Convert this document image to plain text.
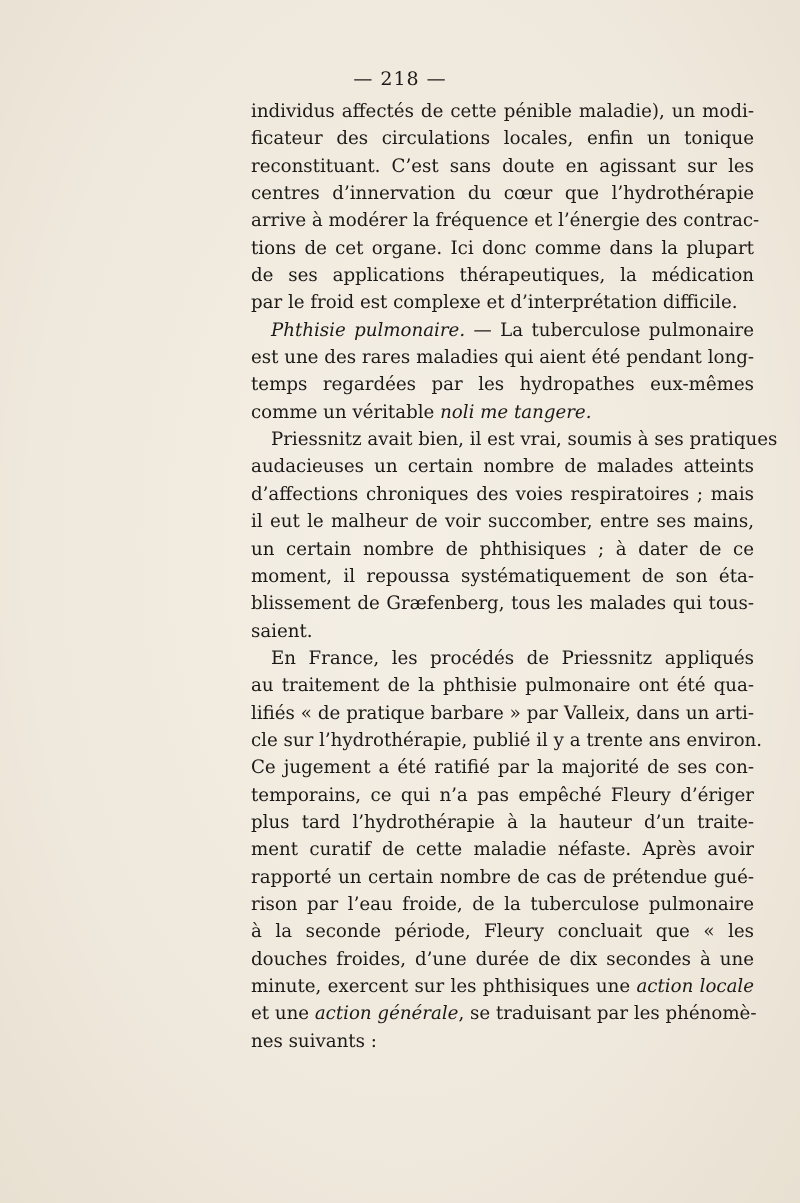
— 218 —
individus affectés de cette pénible maladie), un modi-
ficateur des circulations locales, enfin un tonique
reconstituant. C’est sans doute en agissant sur les
centres d’innervation du cœur que l’hydrothérapie
arrive à modérer la fréquence et l’énergie des contrac-
tions de cet organe. Ici donc comme dans la plupart
de ses applications thérapeutiques, la médication
par le froid est complexe et d’interprétation difficile.
Phthisie pulmonaire. — La tuberculose pulmonaire
est une des rares maladies qui aient été pendant long-
temps regardées par les hydropathes eux-mêmes
comme un véritable noli me tangere.
Priessnitz avait bien, il est vrai, soumis à ses pratiques
audacieuses un certain nombre de malades atteints
d’affections chroniques des voies respiratoires ; mais
il eut le malheur de voir succomber, entre ses mains,
un certain nombre de phthisiques ; à dater de ce
moment, il repoussa systématiquement de son éta-
blissement de Græfenberg, tous les malades qui tous-
saient.
En France, les procédés de Priessnitz appliqués
au traitement de la phthisie pulmonaire ont été qua-
lifiés « de pratique barbare » par Valleix, dans un arti-
cle sur l’hydrothérapie, publié il y a trente ans environ.
Ce jugement a été ratifié par la majorité de ses con-
temporains, ce qui n’a pas empêché Fleury d’ériger
plus tard l’hydrothérapie à la hauteur d’un traite-
ment curatif de cette maladie néfaste. Après avoir
rapporté un certain nombre de cas de prétendue gué-
rison par l’eau froide, de la tuberculose pulmonaire
à la seconde période, Fleury concluait que « les
douches froides, d’une durée de dix secondes à une
minute, exercent sur les phthisiques une action locale
et une action générale, se traduisant par les phénomè-
nes suivants :
